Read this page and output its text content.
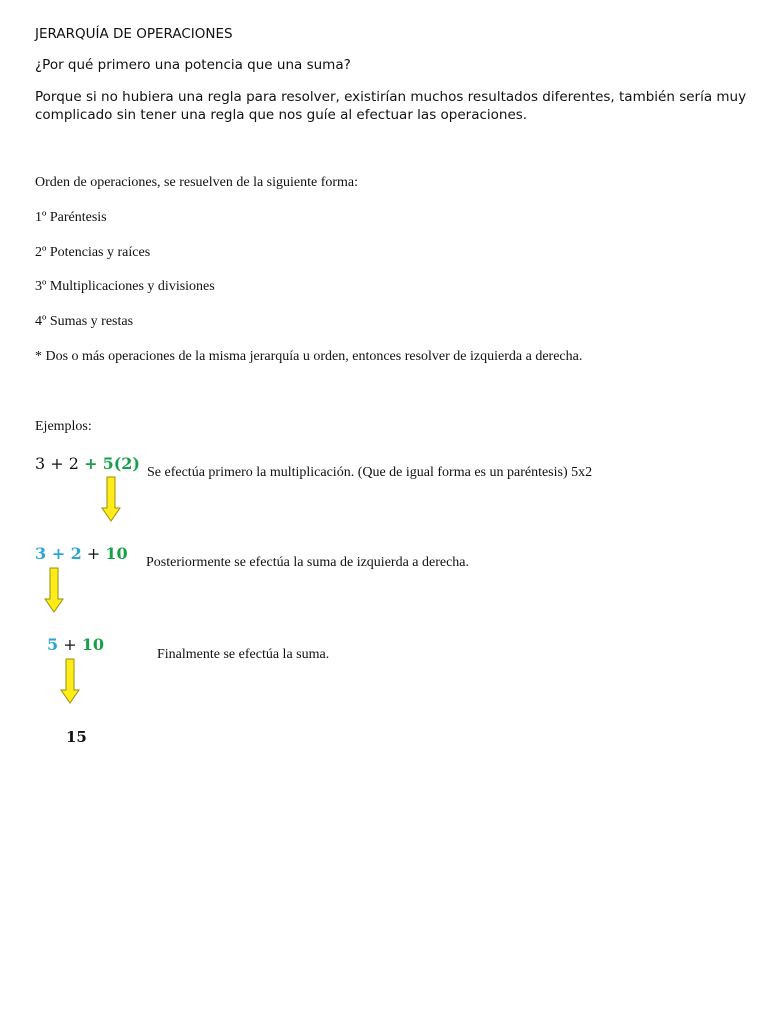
JERARQUÍA DE OPERACIONES

¿Por qué primero una potencia que una suma?

Porque si no hubiera una regla para resolver, existirían muchos resultados diferentes, también sería muy complicado sin tener una regla que nos guíe al efectuar las operaciones.

Orden de operaciones, se resuelven de la siguiente forma:

1º Paréntesis

2º Potencias y raíces

3º Multiplicaciones y divisiones

4º Sumas y restas

* Dos o más operaciones de la misma jerarquía u orden, entonces resolver de izquierda a derecha.

Ejemplos:

3 + 2 + 5(2) Se efectúa primero la multiplicación. (Que de igual forma es un paréntesis) 5x2

3 + 2 + 10 Posteriormente se efectúa la suma de izquierda a derecha.

5 + 10

Finalmente se efectúa la suma.

15
